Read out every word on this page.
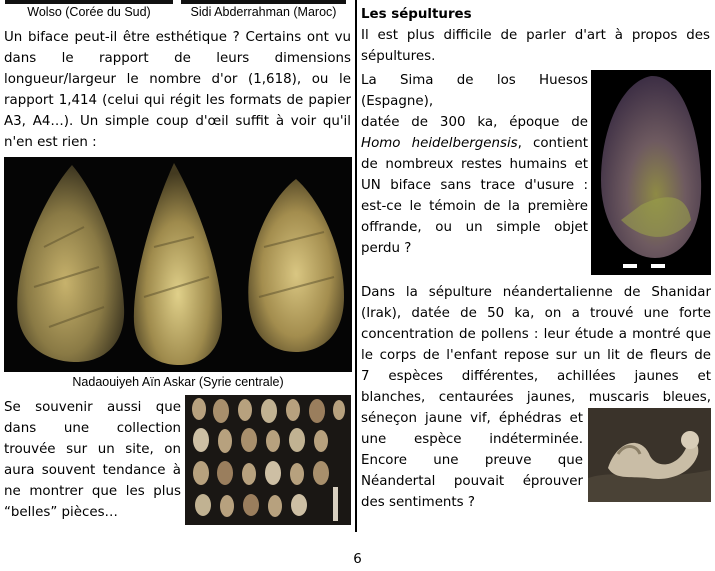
Wolso (Corée du Sud)	Sidi Abderrahman (Maroc)
Un biface peut-il être esthétique ? Certains ont vu
dans le rapport de leurs dimensions
longueur/largeur le nombre d'or (1,618), ou le
rapport 1,414 (celui qui régit les formats de papier
A3, A4…). Un simple coup d'œil suffit à voir qu'il
n'en est rien :
Nadaouiyeh Aïn Askar (Syrie centrale)
Se souvenir aussi que
dans une collection
trouvée sur un site, on
aura souvent tendance à
ne montrer que les plus
“belles” pièces…
Les sépultures
Il est plus difficile de parler d'art à propos des
sépultures.
La Sima de los Huesos (Espagne),
datée de 300 ka, époque de
Homo heidelbergensis, contient
de nombreux restes humains et
UN biface sans trace d'usure :
est-ce le témoin de la première
offrande, ou un simple objet
perdu ?
Dans la sépulture néandertalienne de Shanidar
(Irak), datée de 50 ka, on a trouvé une forte
concentration de pollens : leur étude a montré que
le corps de l'enfant repose sur un lit de fleurs de
7 espèces différentes, achillées jaunes et
blanches, centaurées jaunes, muscaris bleues,
séneçon jaune vif, éphédras et
une espèce indéterminée.
Encore une preuve que
Néandertal pouvait éprouver
des sentiments ?
6
